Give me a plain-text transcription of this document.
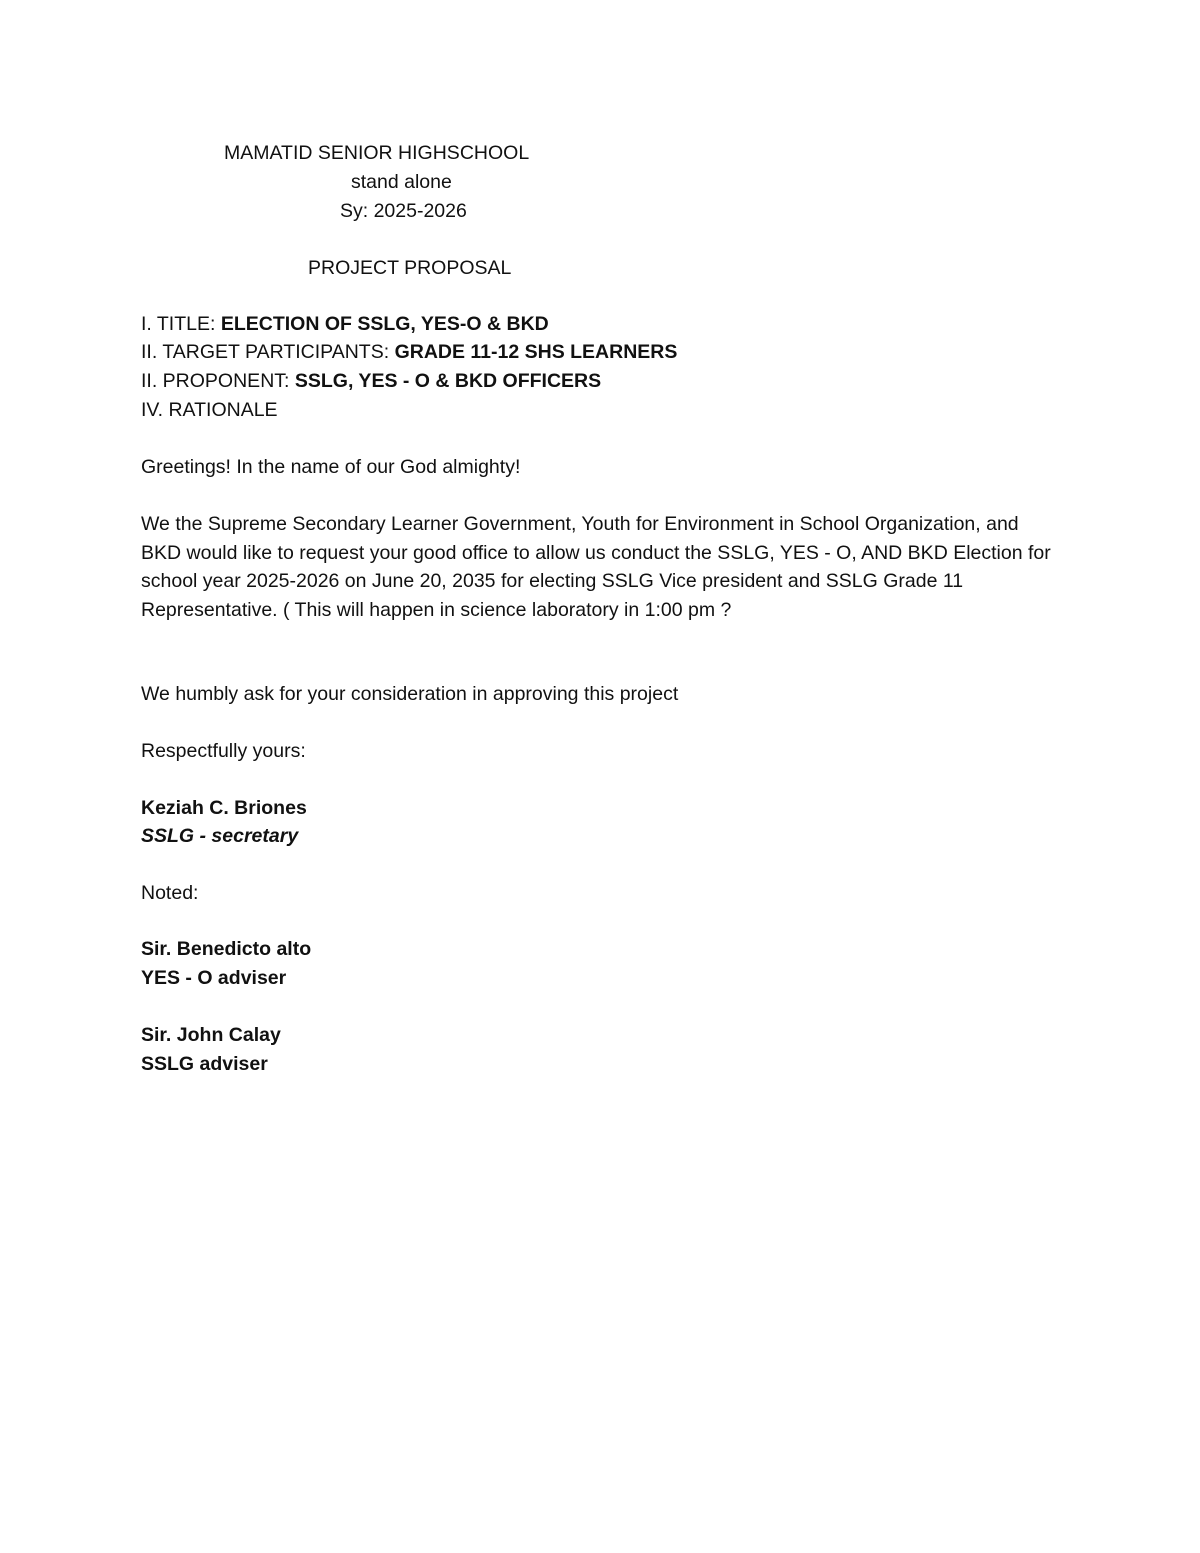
MAMATID SENIOR HIGHSCHOOL

stand alone

Sy: 2025-2026

PROJECT PROPOSAL

I. TITLE: ELECTION OF SSLG, YES-O & BKD

II. TARGET PARTICIPANTS: GRADE 11-12 SHS LEARNERS

II. PROPONENT: SSLG, YES - O & BKD OFFICERS

IV. RATIONALE

Greetings! In the name of our God almighty!

We the Supreme Secondary Learner Government, Youth for Environment in School Organization, and BKD would like to request your good office to allow us conduct the SSLG, YES - O, AND BKD Election for school year 2025-2026 on June 20, 2035 for electing SSLG Vice president and SSLG Grade 11 Representative. ( This will happen in science laboratory in 1:00 pm ?

We humbly ask for your consideration in approving this project

Respectfully yours:

Keziah C. Briones

SSLG - secretary

Noted:

Sir. Benedicto alto

YES - O adviser

Sir. John Calay

SSLG adviser
